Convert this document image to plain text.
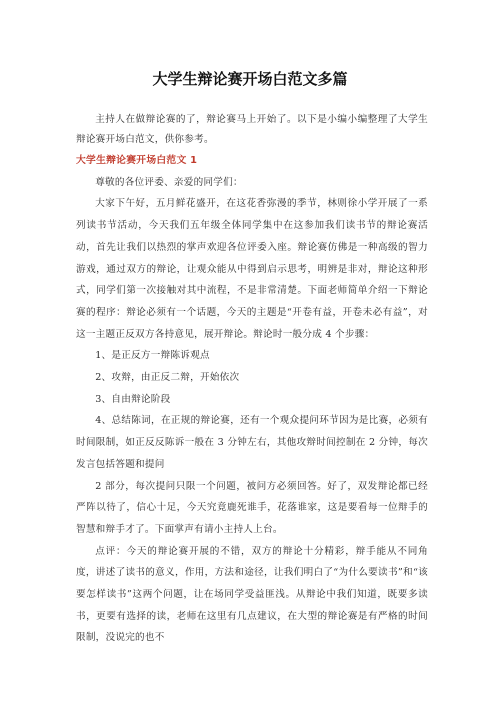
大学生辩论赛开场白范文多篇

主持人在做辩论赛的了，辩论赛马上开始了。以下是小编小编整理了大学生辩论赛开场白范文，供你参考。

大学生辩论赛开场白范文 1

尊敬的各位评委、亲爱的同学们：

大家下午好，五月鲜花盛开，在这花香弥漫的季节，林则徐小学开展了一系列读书节活动，今天我们五年级全体同学集中在这参加我们读书节的辩论赛活动，首先让我们以热烈的掌声欢迎各位评委入座。辩论赛仿佛是一种高级的智力游戏，通过双方的辩论，让观众能从中得到启示思考，明辨是非对，辩论这种形式，同学们第一次接触对其中流程，不是非常清楚。下面老师简单介绍一下辩论赛的程序：辩论必须有一个话题，今天的主题是“开卷有益，开卷未必有益”，对这一主题正反双方各持意见，展开辩论。辩论时一般分成 4 个步骤：

1、是正反方一辩陈诉观点

2、攻辩，由正反二辩，开始依次

3、自由辩论阶段

4、总结陈词，在正规的辩论赛，还有一个观众提问环节因为是比赛，必须有时间限制，如正反反陈诉一般在 3 分钟左右，其他攻辩时间控制在 2 分钟，每次发言包括答题和提问

2 部分，每次提问只限一个问题，被问方必须回答。好了，双发辩论都已经严阵以待了，信心十足，今天究竟鹿死谁手，花落谁家，这是要看每一位辩手的智慧和辩手才了。下面掌声有请小主持人上台。

点评：今天的辩论赛开展的不错，双方的辩论十分精彩，辩手能从不同角度，讲述了读书的意义，作用，方法和途径，让我们明白了“为什么要读书”和“该要怎样读书”这两个问题，让在场同学受益匪浅。从辩论中我们知道，既要多读书，更要有选择的读，老师在这里有几点建议，在大型的辩论赛是有严格的时间限制，没说完的也不
